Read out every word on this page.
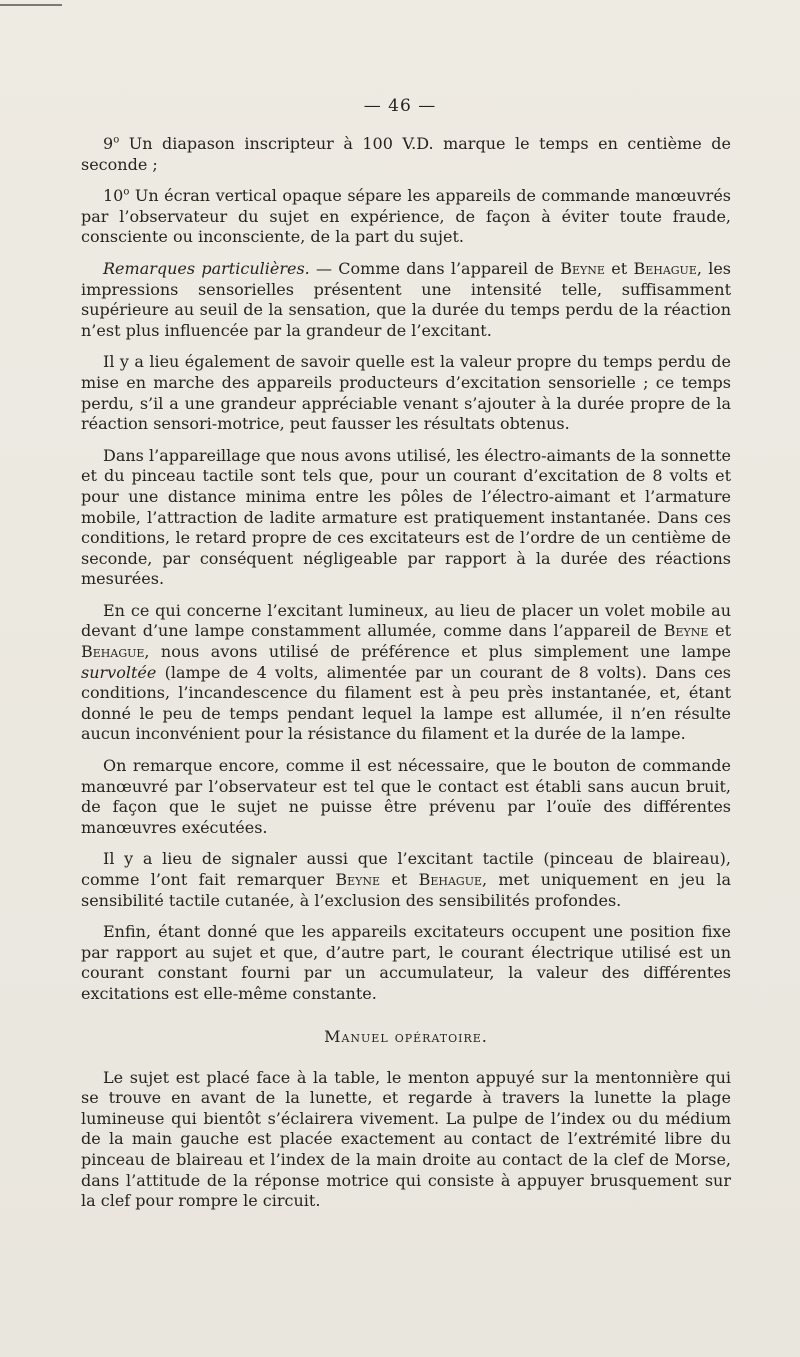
— 46 —

9$^o$ Un diapason inscripteur à 100 V.D. marque le temps en centième de seconde ;

10$^o$ Un écran vertical opaque sépare les appareils de commande manœuvrés par l’observateur du sujet en expérience, de façon à éviter toute fraude, consciente ou inconsciente, de la part du sujet.

Remarques particulières. — Comme dans l’appareil de Beyne et Behague, les impressions sensorielles présentent une intensité telle, suffisamment supérieure au seuil de la sensation, que la durée du temps perdu de la réaction n’est plus influencée par la grandeur de l’excitant.

Il y a lieu également de savoir quelle est la valeur propre du temps perdu de mise en marche des appareils producteurs d’excitation sensorielle ; ce temps perdu, s’il a une grandeur appréciable venant s’ajouter à la durée propre de la réaction sensori-motrice, peut fausser les résultats obtenus.

Dans l’appareillage que nous avons utilisé, les électro-aimants de la sonnette et du pinceau tactile sont tels que, pour un courant d’excitation de 8 volts et pour une distance minima entre les pôles de l’électro-aimant et l’armature mobile, l’attraction de ladite armature est pratiquement instantanée. Dans ces conditions, le retard propre de ces excitateurs est de l’ordre de un centième de seconde, par conséquent négligeable par rapport à la durée des réactions mesurées.

En ce qui concerne l’excitant lumineux, au lieu de placer un volet mobile au devant d’une lampe constamment allumée, comme dans l’appareil de Beyne et Behague, nous avons utilisé de préférence et plus simplement une lampe survoltée (lampe de 4 volts, alimentée par un courant de 8 volts). Dans ces conditions, l’incandescence du filament est à peu près instantanée, et, étant donné le peu de temps pendant lequel la lampe est allumée, il n’en résulte aucun inconvénient pour la résistance du filament et la durée de la lampe.

On remarque encore, comme il est nécessaire, que le bouton de commande manœuvré par l’observateur est tel que le contact est établi sans aucun bruit, de façon que le sujet ne puisse être prévenu par l’ouïe des différentes manœuvres exécutées.

Il y a lieu de signaler aussi que l’excitant tactile (pinceau de blaireau), comme l’ont fait remarquer Beyne et Behague, met uniquement en jeu la sensibilité tactile cutanée, à l’exclusion des sensibilités profondes.

Enfin, étant donné que les appareils excitateurs occupent une position fixe par rapport au sujet et que, d’autre part, le courant électrique utilisé est un courant constant fourni par un accumulateur, la valeur des différentes excitations est elle-même constante.

Manuel opératoire.

Le sujet est placé face à la table, le menton appuyé sur la mentonnière qui se trouve en avant de la lunette, et regarde à travers la lunette la plage lumineuse qui bientôt s’éclairera vivement. La pulpe de l’index ou du médium de la main gauche est placée exactement au contact de l’extrémité libre du pinceau de blaireau et l’index de la main droite au contact de la clef de Morse, dans l’attitude de la réponse motrice qui consiste à appuyer brusquement sur la clef pour rompre le circuit.
